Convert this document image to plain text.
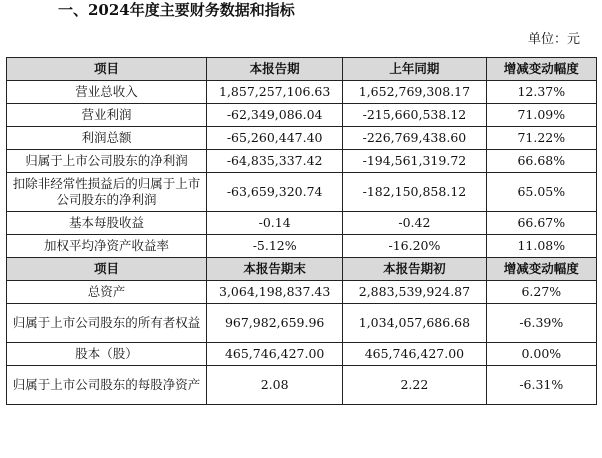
一、2024年度主要财务数据和指标
单位：元
项目	本报告期	上年同期	增减变动幅度
营业总收入	1,857,257,106.63	1,652,769,308.17	12.37%
营业利润	-62,349,086.04	-215,660,538.12	71.09%
利润总额	-65,260,447.40	-226,769,438.60	71.22%
归属于上市公司股东的净利润	-64,835,337.42	-194,561,319.72	66.68%
扣除非经常性损益后的归属于上市公司股东的净利润	-63,659,320.74	-182,150,858.12	65.05%
基本每股收益	-0.14	-0.42	66.67%
加权平均净资产收益率	-5.12%	-16.20%	11.08%
项目	本报告期末	本报告期初	增减变动幅度
总资产	3,064,198,837.43	2,883,539,924.87	6.27%
归属于上市公司股东的所有者权益	967,982,659.96	1,034,057,686.68	-6.39%
股本（股）	465,746,427.00	465,746,427.00	0.00%
归属于上市公司股东的每股净资产	2.08	2.22	-6.31%
